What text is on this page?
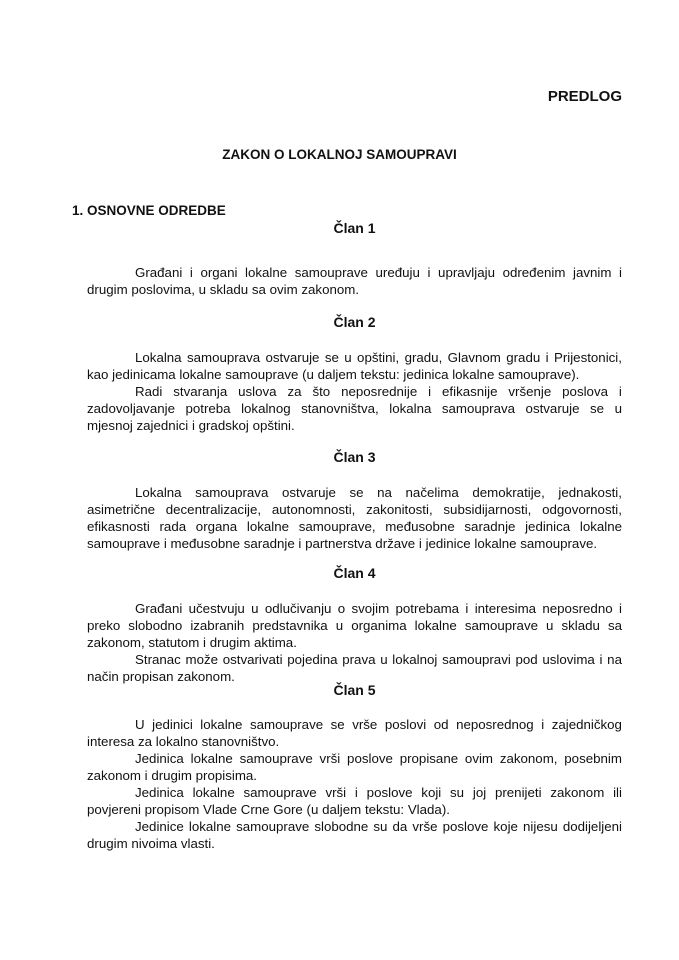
PREDLOG
ZAKON O LOKALNOJ SAMOUPRAVI
1. OSNOVNE ODREDBE
Član 1
Građani i organi lokalne samouprave uređuju i upravljaju određenim javnim i
drugim poslovima, u skladu sa ovim zakonom.
Član 2
Lokalna samouprava ostvaruje se u opštini, gradu, Glavnom gradu i Prijestonici,
kao jedinicama lokalne samouprave (u daljem tekstu: jedinica lokalne samouprave).
Radi stvaranja uslova za što neposrednije i efikasnije vršenje poslova i
zadovoljavanje potreba lokalnog stanovništva, lokalna samouprava ostvaruje se u
mjesnoj zajednici i gradskoj opštini.
Član 3
Lokalna samouprava ostvaruje se na načelima demokratije, jednakosti,
asimetrične decentralizacije, autonomnosti, zakonitosti, subsidijarnosti, odgovornosti,
efikasnosti rada organa lokalne samouprave, međusobne saradnje jedinica lokalne
samouprave i međusobne saradnje i partnerstva države i jedinice lokalne samouprave.
Član 4
Građani učestvuju u odlučivanju o svojim potrebama i interesima neposredno i
preko slobodno izabranih predstavnika u organima lokalne samouprave u skladu sa
zakonom, statutom i drugim aktima.
Stranac može ostvarivati pojedina prava u lokalnoj samoupravi pod uslovima i na
način propisan zakonom.
Član 5
U jedinici lokalne samouprave se vrše poslovi od neposrednog i zajedničkog
interesa za lokalno stanovništvo.
Jedinica lokalne samouprave vrši poslove propisane ovim zakonom, posebnim
zakonom i drugim propisima.
Jedinica lokalne samouprave vrši i poslove koji su joj prenijeti zakonom ili
povjereni propisom Vlade Crne Gore (u daljem tekstu: Vlada).
Jedinice lokalne samouprave slobodne su da vrše poslove koje nijesu dodijeljeni
drugim nivoima vlasti.
